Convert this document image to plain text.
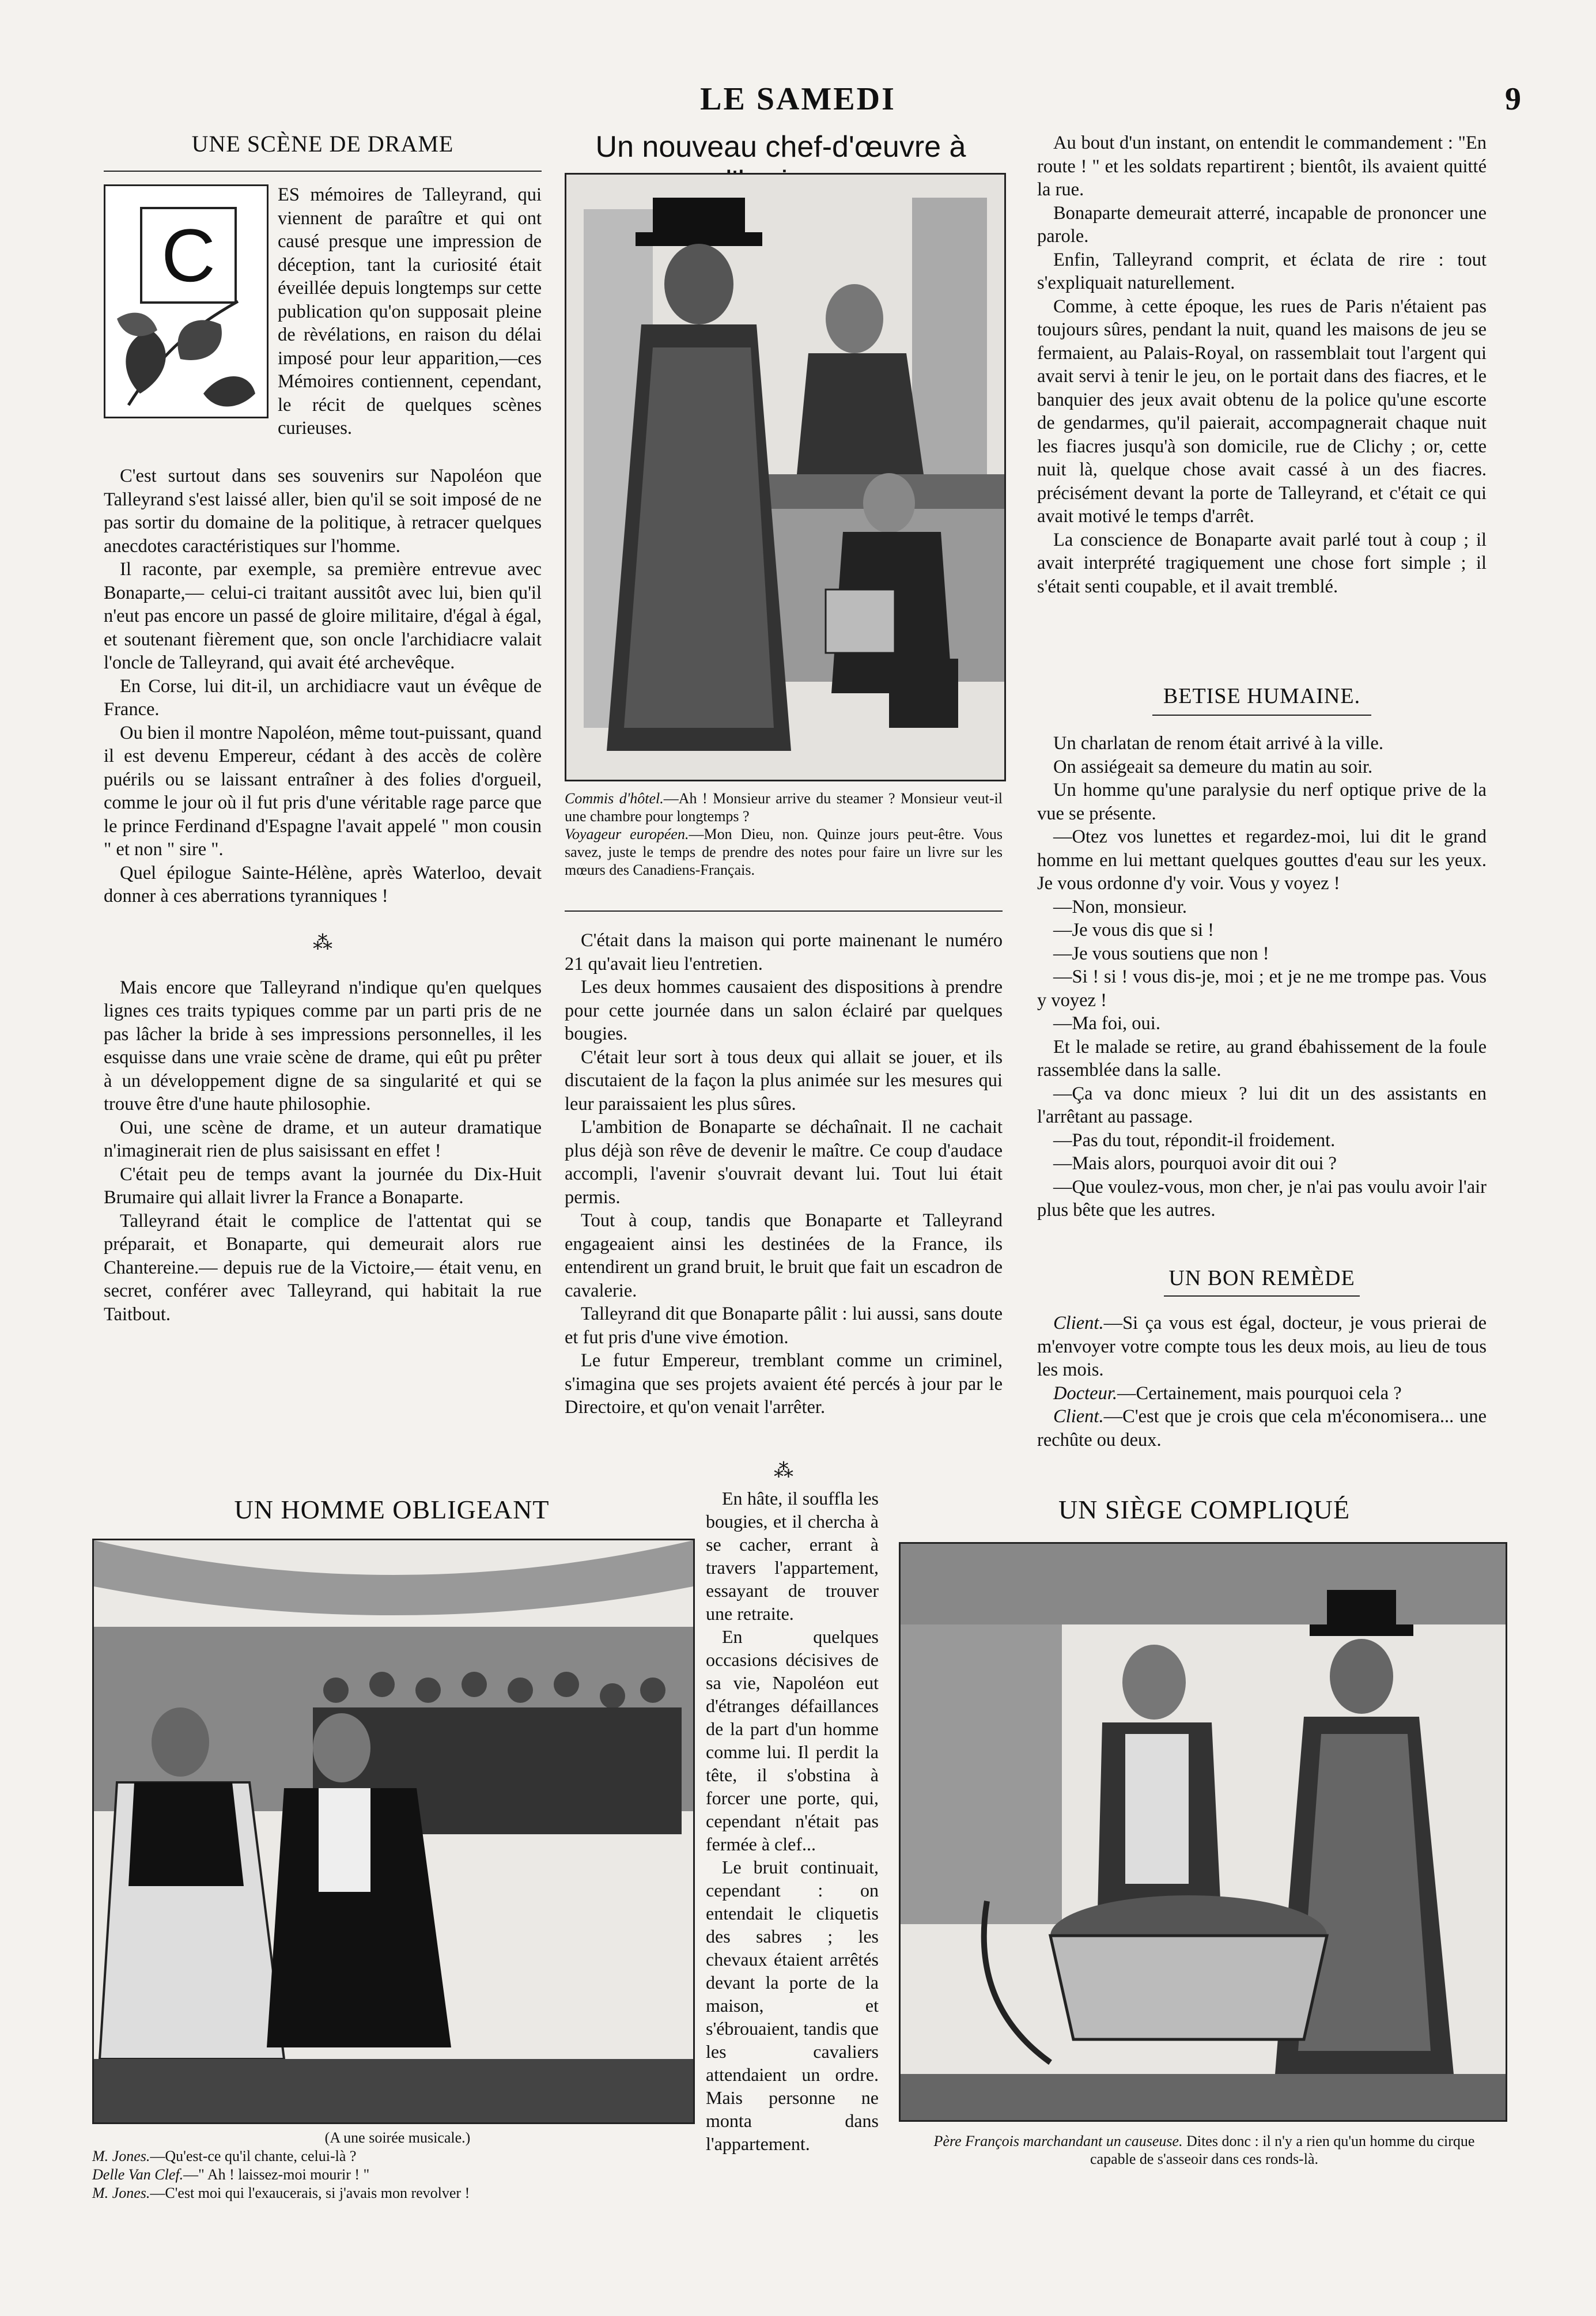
LE SAMEDI	9
UNE SCÈNE DE DRAME
C

ES mémoires de Talleyrand, qui viennent de paraître et qui ont causé presque une impression de déception, tant la curiosité était éveillée depuis longtemps sur cette publication qu'on supposait pleine de rèvélations, en raison du délai imposé pour leur apparition,—ces Mémoires contiennent, cependant, le récit de quelques scènes curieuses.

C'est surtout dans ses souvenirs sur Napoléon que Talleyrand s'est laissé aller, bien qu'il se soit imposé de ne pas sortir du domaine de la politique, à retracer quelques anecdotes caractéristiques sur l'homme.

Il raconte, par exemple, sa première entrevue avec Bonaparte,— celui-ci traitant aussitôt avec lui, bien qu'il n'eut pas encore un passé de gloire militaire, d'égal à égal, et soutenant fièrement que, son oncle l'archidiacre valait l'oncle de Talleyrand, qui avait été archevêque.

En Corse, lui dit-il, un archidiacre vaut un évêque de France.

Ou bien il montre Napoléon, même tout-puissant, quand il est devenu Empereur, cédant à des accès de colère puérils ou se laissant entraîner à des folies d'orgueil, comme le jour où il fut pris d'une véritable rage parce que le prince Ferdinand d'Espagne l'avait appelé " mon cousin " et non " sire ".

Quel épilogue Sainte-Hélène, après Waterloo, devait donner à ces aberrations tyranniques !

⁂

Mais encore que Talleyrand n'indique qu'en quelques lignes ces traits typiques comme par un parti pris de ne pas lâcher la bride à ses impressions personnelles, il les esquisse dans une vraie scène de drame, qui eût pu prêter à un développement digne de sa singularité et qui se trouve être d'une haute philosophie.

Oui, une scène de drame, et un auteur dramatique n'imaginerait rien de plus saisissant en effet !

C'était peu de temps avant la journée du Dix-Huit Brumaire qui allait livrer la France a Bonaparte.

Talleyrand était le complice de l'attentat qui se préparait, et Bonaparte, qui demeurait alors rue Chantereine.— depuis rue de la Victoire,— était venu, en secret, conférer avec Talleyrand, qui habitait la rue Taitbout.

Un nouveau chef-d'œuvre à
Commis d'hôtel.—Ah ! Monsieur arrive du steamer ? Monsieur veut-il une chambre pour longtemps ?
Voyageur européen.—Mon Dieu, non. Quinze jours peut-être. Vous savez, juste le temps de prendre des notes pour faire un livre sur les mœurs des Canadiens-Français.

C'était dans la maison qui porte mainenant le numéro 21 qu'avait lieu l'entretien.

Les deux hommes causaient des dispositions à prendre pour cette journée dans un salon éclairé par quelques bougies.

C'était leur sort à tous deux qui allait se jouer, et ils discutaient de la façon la plus animée sur les mesures qui leur paraissaient les plus sûres.

L'ambition de Bonaparte se déchaînait. Il ne cachait plus déjà son rêve de devenir le maître. Ce coup d'audace accompli, l'avenir s'ouvrait devant lui. Tout lui était permis.

Tout à coup, tandis que Bonaparte et Talleyrand engageaient ainsi les destinées de la France, ils entendirent un grand bruit, le bruit que fait un escadron de cavalerie.

Talleyrand dit que Bonaparte pâlit : lui aussi, sans doute et fut pris d'une vive émotion.

Le futur Empereur, tremblant comme un criminel, s'imagina que ses projets avaient été percés à jour par le Directoire, et qu'on venait l'arrêter.

⁂

Au bout d'un instant, on entendit le commandement : "En route ! " et les soldats repartirent ; bientôt, ils avaient quitté la rue.

Bonaparte demeurait atterré, incapable de prononcer une parole.

Enfin, Talleyrand comprit, et éclata de rire : tout s'expliquait naturellement.

Comme, à cette époque, les rues de Paris n'étaient pas toujours sûres, pendant la nuit, quand les maisons de jeu se fermaient, au Palais-Royal, on rassemblait tout l'argent qui avait servi à tenir le jeu, on le portait dans des fiacres, et le banquier des jeux avait obtenu de la police qu'une escorte de gendarmes, qu'il paierait, accompagnerait chaque nuit les fiacres jusqu'à son domicile, rue de Clichy ; or, cette nuit là, quelque chose avait cassé à un des fiacres. précisément devant la porte de Talleyrand, et c'était ce qui avait motivé le temps d'arrêt.

La conscience de Bonaparte avait parlé tout à coup ; il avait interprété tragiquement une chose fort simple ; il s'était senti coupable, et il avait tremblé.

BETISE HUMAINE.

Un charlatan de renom était arrivé à la ville.

On assiégeait sa demeure du matin au soir.

Un homme qu'une paralysie du nerf optique prive de la vue se présente.

—Otez vos lunettes et regardez-moi, lui dit le grand homme en lui mettant quelques gouttes d'eau sur les yeux. Je vous ordonne d'y voir. Vous y voyez !

—Non, monsieur.

—Je vous dis que si !

—Je vous soutiens que non !

—Si ! si ! vous dis-je, moi ; et je ne me trompe pas. Vous y voyez !

—Ma foi, oui.

Et le malade se retire, au grand ébahissement de la foule rassemblée dans la salle.

—Ça va donc mieux ? lui dit un des assistants en l'arrêtant au passage.

—Pas du tout, répondit-il froidement.

—Mais alors, pourquoi avoir dit oui ?

—Que voulez-vous, mon cher, je n'ai pas voulu avoir l'air plus bête que les autres.

UN BON REMÈDE

Client.—Si ça vous est égal, docteur, je vous prierai de m'envoyer votre compte tous les deux mois, au lieu de tous les mois.

Docteur.—Certainement, mais pourquoi cela ?

Client.—C'est que je crois que cela m'économisera... une rechûte ou deux.

UN HOMME OBLIGEANT
(A une soirée musicale.)
M. Jones.—Qu'est-ce qu'il chante, celui-là ?
Delle Van Clef.—" Ah ! laissez-moi mourir ! "
M. Jones.—C'est moi qui l'exaucerais, si j'avais mon revolver !

En hâte, il souffla les bougies, et il chercha à se cacher, errant à travers l'appartement, essayant de trouver une retraite.

En quelques occasions décisives de sa vie, Napoléon eut d'étranges défaillances de la part d'un homme comme lui. Il perdit la tête, il s'obstina à forcer une porte, qui, cependant n'était pas fermée à clef...

Le bruit continuait, cependant : on entendait le cliquetis des sabres ; les chevaux étaient arrêtés devant la porte de la maison, et s'ébrouaient, tandis que les cavaliers attendaient un ordre. Mais personne ne monta dans l'appartement.

UN SIÈGE COMPLIQUÉ
Père François marchandant un causeuse. Dites donc : il n'y a rien qu'un homme du cirque capable de s'asseoir dans ces ronds-là.
